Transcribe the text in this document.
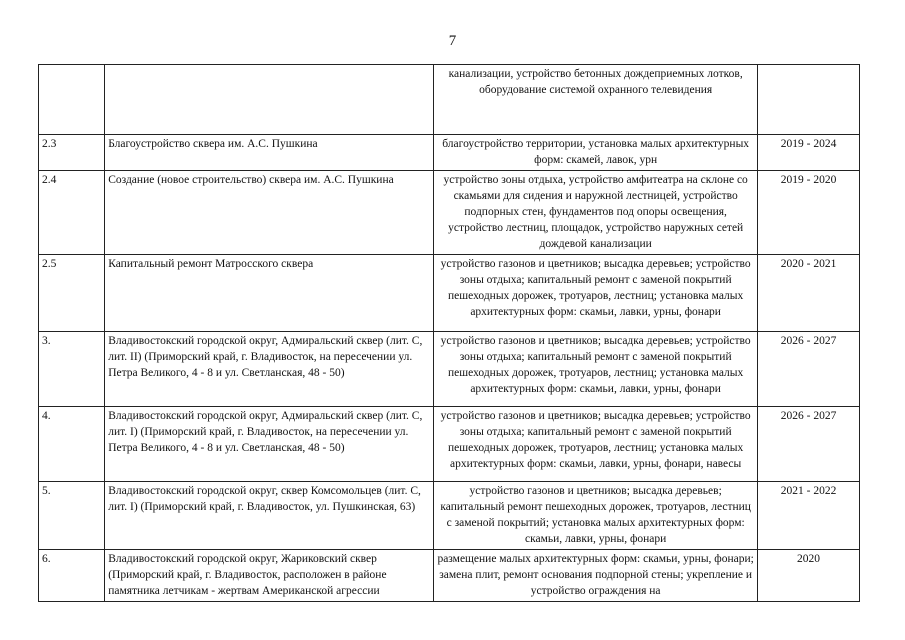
7
		канализации, устройство бетонных дождеприемных лотков, оборудование системой охранного телевидения	
2.3	Благоустройство сквера им. А.С. Пушкина	благоустройство территории, установка малых архитектурных форм: скамей, лавок, урн	2019 - 2024
2.4	Создание (новое строительство) сквера им. А.С. Пушкина	устройство зоны отдыха, устройство амфитеатра на склоне со скамьями для сидения и наружной лестницей, устройство подпорных стен, фундаментов под опоры освещения, устройство лестниц, площадок, устройство наружных сетей дождевой канализации	2019 - 2020
2.5	Капитальный ремонт Матросского сквера	устройство газонов и цветников; высадка деревьев; устройство зоны отдыха; капитальный ремонт с заменой покрытий пешеходных дорожек, тротуаров, лестниц; установка малых архитектурных форм: скамьи, лавки, урны, фонари	2020 - 2021
3.	Владивостокский городской округ, Адмиральский сквер (лит. С, лит. II) (Приморский край, г. Владивосток, на пересечении ул. Петра Великого, 4 - 8 и ул. Светланская, 48 - 50)	устройство газонов и цветников; высадка деревьев; устройство зоны отдыха; капитальный ремонт с заменой покрытий пешеходных дорожек, тротуаров, лестниц; установка малых архитектурных форм: скамьи, лавки, урны, фонари	2026 - 2027
4.	Владивостокский городской округ, Адмиральский сквер (лит. С, лит. I) (Приморский край, г. Владивосток, на пересечении ул. Петра Великого, 4 - 8 и ул. Светланская, 48 - 50)	устройство газонов и цветников; высадка деревьев; устройство зоны отдыха; капитальный ремонт с заменой покрытий пешеходных дорожек, тротуаров, лестниц; установка малых архитектурных форм: скамьи, лавки, урны, фонари, навесы	2026 - 2027
5.	Владивостокский городской округ, сквер Комсомольцев (лит. С, лит. I) (Приморский край, г. Владивосток, ул. Пушкинская, 63)	устройство газонов и цветников; высадка деревьев; капитальный ремонт пешеходных дорожек, тротуаров, лестниц с заменой покрытий; установка малых архитектурных форм: скамьи, лавки, урны, фонари	2021 - 2022
6.	Владивостокский городской округ, Жариковский сквер (Приморский край, г. Владивосток, расположен в районе памятника летчикам - жертвам Американской агрессии	размещение малых архитектурных форм: скамьи, урны, фонари; замена плит, ремонт основания подпорной стены; укрепление и устройство ограждения на	2020
